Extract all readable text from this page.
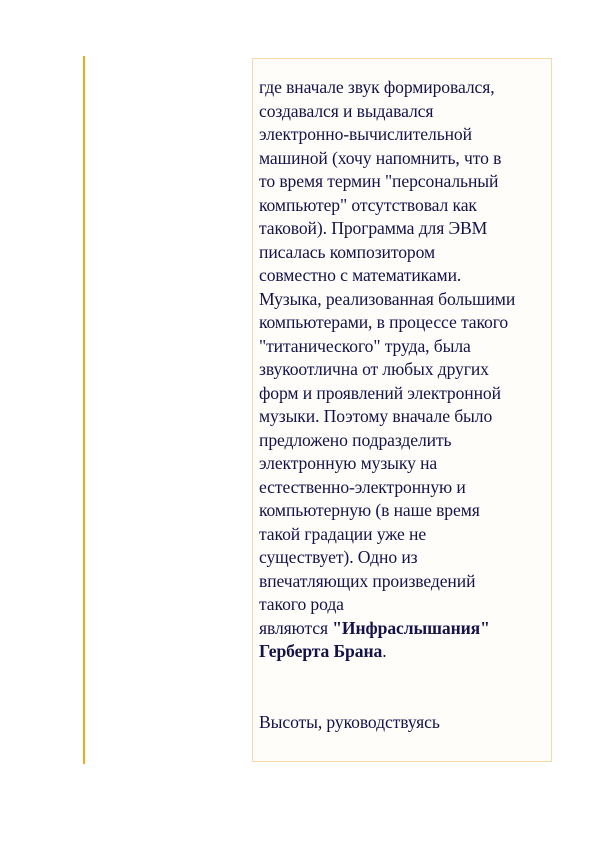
где вначале звук формировался,
создавался и выдавался
электронно-вычислительной
машиной (хочу напомнить, что в
то время термин "персональный
компьютер" отсутствовал как
таковой). Программа для ЭВМ
писалась композитором
совместно с математиками.
Музыка, реализованная большими
компьютерами, в процессе такого
"титанического" труда, была
звукоотлична от любых других
форм и проявлений электронной
музыки. Поэтому вначале было
предложено подразделить
электронную музыку на
естественно-электронную и
компьютерную (в наше время
такой градации уже не
существует). Одно из
впечатляющих произведений
такого рода
являются "Инфраслышания"
Герберта Брана.
Высоты, руководствуясь
